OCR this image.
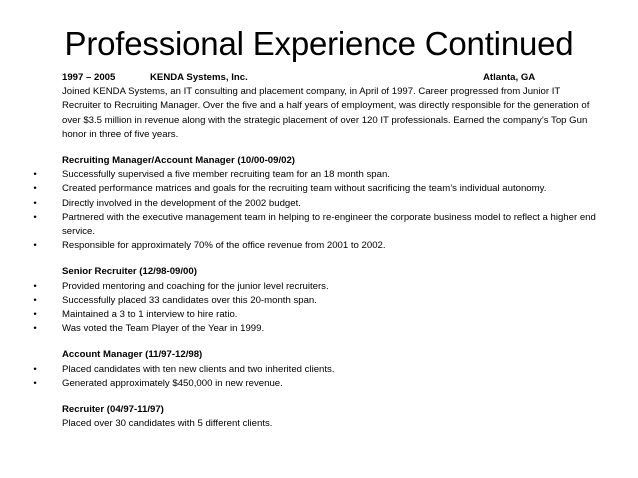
Professional Experience Continued
1997 – 2005	KENDA Systems, Inc.	Atlanta, GA

Joined KENDA Systems, an IT consulting and placement company, in April of 1997. Career progressed from Junior IT Recruiter to Recruiting Manager. Over the five and a half years of employment, was directly responsible for the generation of over $3.5 million in revenue along with the strategic placement of over 120 IT professionals. Earned the company’s Top Gun honor in three of five years.

Recruiting Manager/Account Manager (10/00-09/02)

•	Successfully supervised a five member recruiting team for an 18 month span.

•	Created performance matrices and goals for the recruiting team without sacrificing the team’s individual autonomy.

•	Directly involved in the development of the 2002 budget.

•	Partnered with the executive management team in helping to re-engineer the corporate business model to reflect a higher end service.

•	Responsible for approximately 70% of the office revenue from 2001 to 2002.

Senior Recruiter (12/98-09/00)

•	Provided mentoring and coaching for the junior level recruiters.

•	Successfully placed 33 candidates over this 20-month span.

•	Maintained a 3 to 1 interview to hire ratio.

•	Was voted the Team Player of the Year in 1999.

Account Manager (11/97-12/98)

•	Placed candidates with ten new clients and two inherited clients.

•	Generated approximately $450,000 in new revenue.

Recruiter (04/97-11/97)

Placed over 30 candidates with 5 different clients.
